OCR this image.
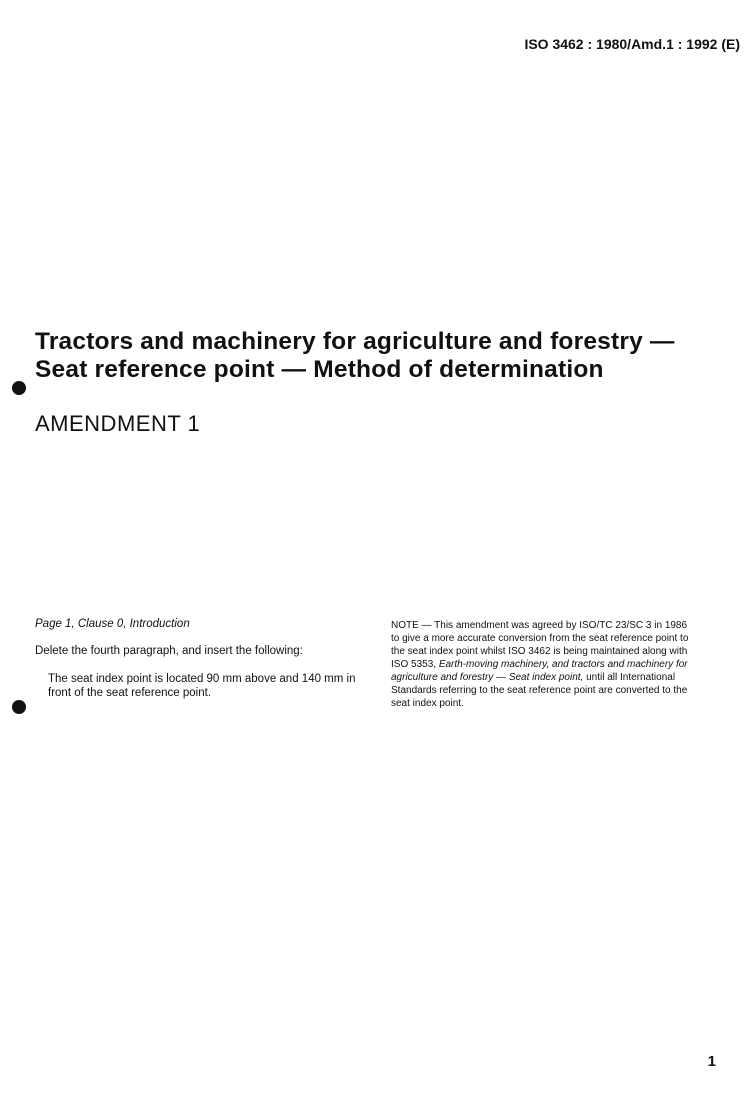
ISO 3462 : 1980/Amd.1 : 1992 (E)
Tractors and machinery for agriculture and forestry —
Seat reference point — Method of determination
AMENDMENT 1
Page 1, Clause 0, Introduction
Delete the fourth paragraph, and insert the following:
The seat index point is located 90 mm above and 140 mm in
front of the seat reference point.
NOTE — This amendment was agreed by ISO/TC 23/SC 3 in 1986
to give a more accurate conversion from the seat reference point to
the seat index point whilst ISO 3462 is being maintained along with
ISO 5353, Earth-moving machinery, and tractors and machinery for
agriculture and forestry — Seat index point, until all International
Standards referring to the seat reference point are converted to the
seat index point.
1
